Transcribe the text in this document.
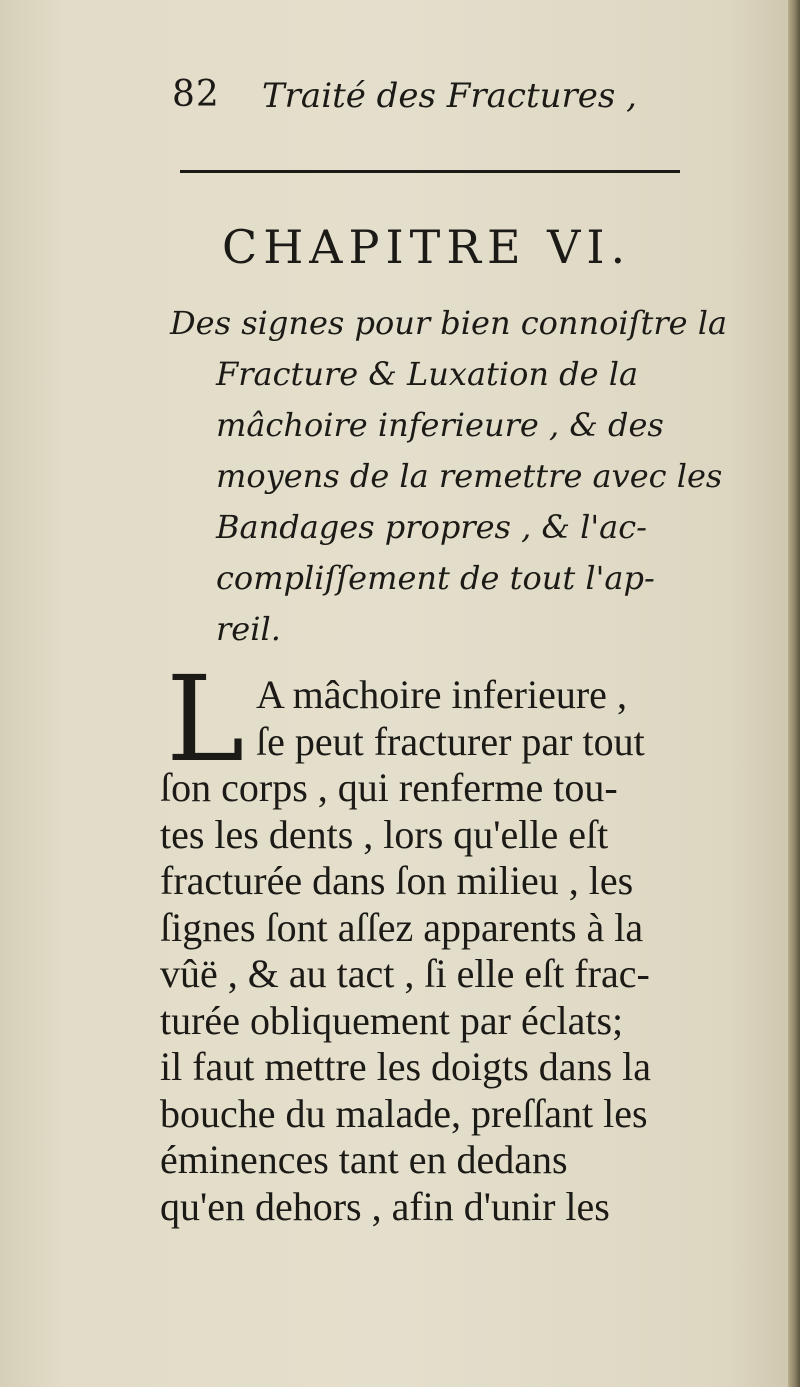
82 Traité des Fractures ,
CHAPITRE VI.

Des signes pour bien connoiſtre la
Fracture & Luxation de la
mâchoire inferieure , & des
moyens de la remettre avec les
Bandages propres , & l'ac-
compliſſement de tout l'ap-
reil.

L A mâchoire inferieure ,
ſe peut fracturer par tout
ſon corps , qui renferme tou-
tes les dents , lors qu'elle eſt
fracturée dans ſon milieu , les
ſignes ſont aſſez apparents à la
vûë , & au tact , ſi elle eſt frac-
turée obliquement par éclats;
il faut mettre les doigts dans la
bouche du malade, preſſant les
éminences tant en dedans
qu'en dehors , afin d'unir les
